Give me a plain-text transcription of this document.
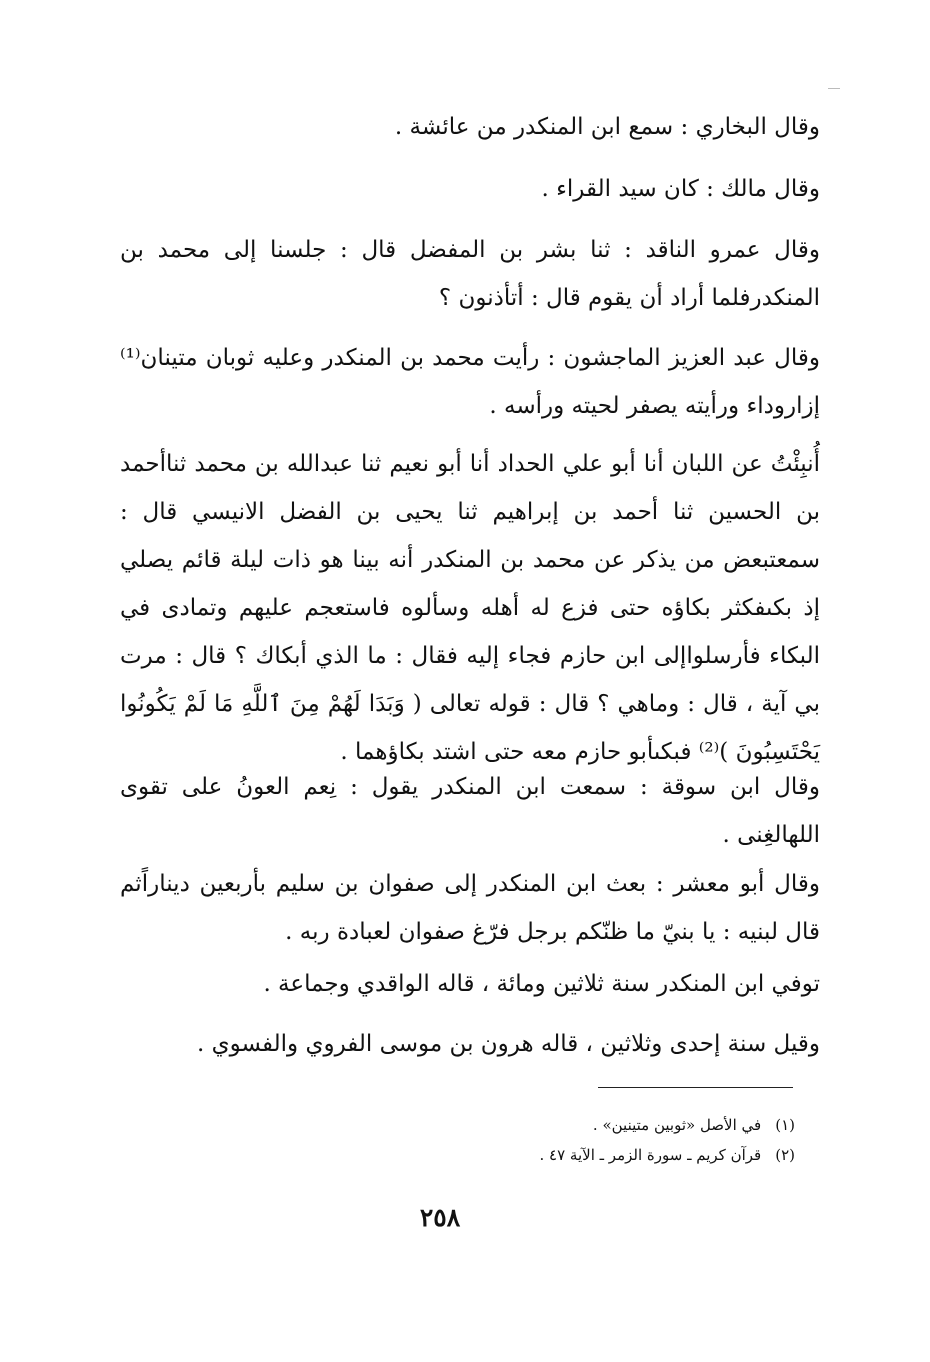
وقال البخاري : سمع ابن المنكدر من عائشة .
وقال مالك : كان سيد القراء .
وقال عمرو الناقد : ثنا بشر بن المفضل قال : جلسنا إلى محمد بن المنكدرفلما أراد أن يقوم قال : أتأذنون ؟
وقال عبد العزيز الماجشون : رأيت محمد بن المنكدر وعليه ثوبان متينان⁽¹⁾إزاروداء ورأيته يصفر لحيته ورأسه .
أُنبِئْتُ عن اللبان أنا أبو علي الحداد أنا أبو نعيم ثنا عبدالله بن محمد ثناأحمد بن الحسين ثنا أحمد بن إبراهيم ثنا يحيى بن الفضل الانيسي قال : سمعتبعض من يذكر عن محمد بن المنكدر أنه بينا هو ذات ليلة قائم يصلي إذ بكىفكثر بكاؤه حتى فزع له أهله وسألوه فاستعجم عليهم وتمادى في البكاء فأرسلواإلى ابن حازم فجاء إليه فقال : ما الذي أبكاك ؟ قال : مرت بي آية ، قال : وماهي ؟ قال : قوله تعالى ( وَبَدَا لَهُمْ مِنَ ٱللَّهِ مَا لَمْ يَكُونُوا يَحْتَسِبُونَ )⁽²⁾ فبكىأبو حازم معه حتى اشتد بكاؤهما .
وقال ابن سوقة : سمعت ابن المنكدر يقول : نِعم العونُ على تقوى اللهالغِنى .
وقال أبو معشر : بعث ابن المنكدر إلى صفوان بن سليم بأربعين ديناراًثم قال لبنيه : يا بنيّ ما ظنّكم برجل فرّغ صفوان لعبادة ربه .
توفي ابن المنكدر سنة ثلاثين ومائة ، قاله الواقدي وجماعة .
وقيل سنة إحدى وثلاثين ، قاله هرون بن موسى الفروي والفسوي .
(١)في الأصل «ثوبين متينين» .
(٢)قرآن كريم ـ سورة الزمر ـ الآية ٤٧ .
٢٥٨
